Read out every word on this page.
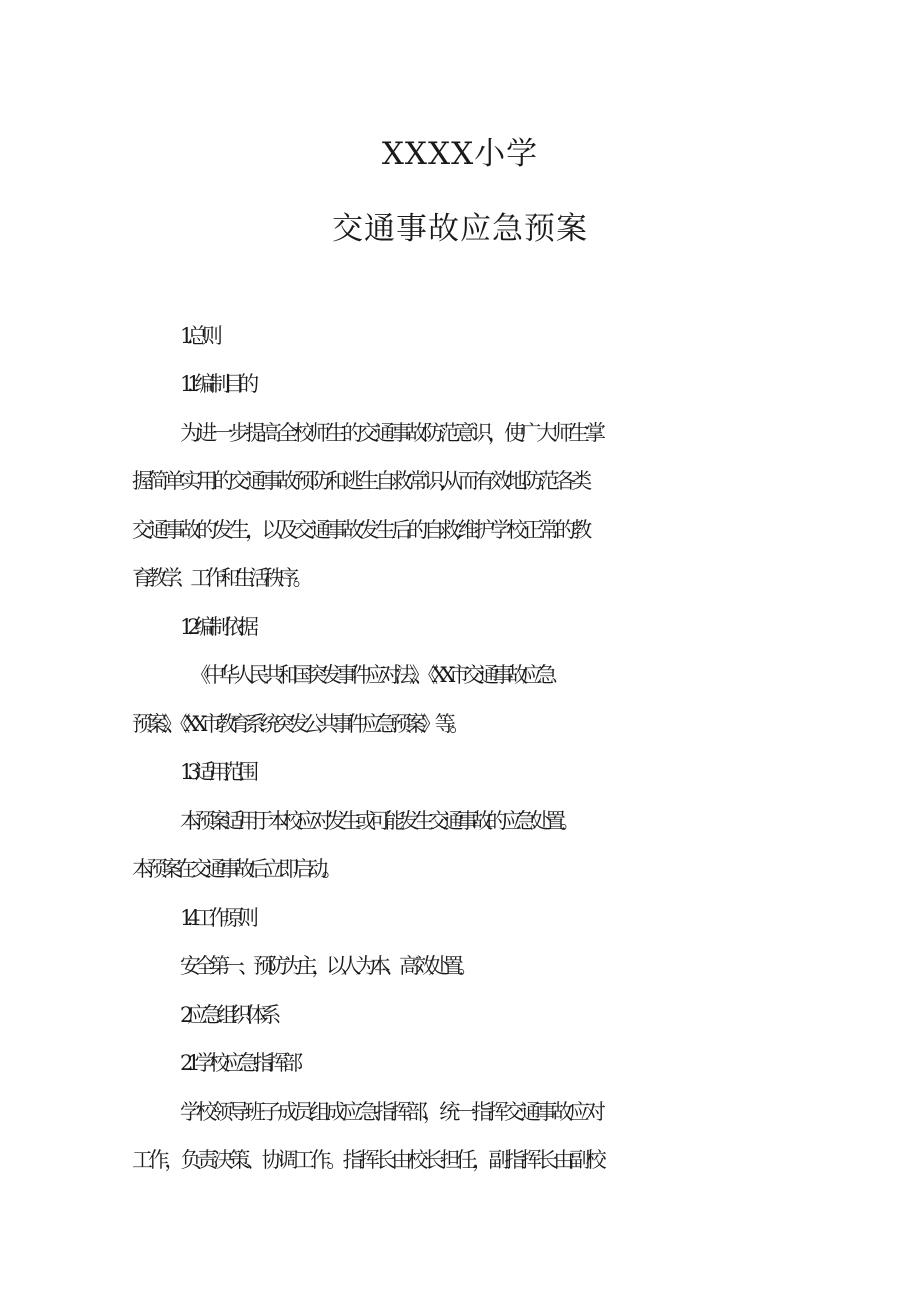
XXXX小学
交通事故应急预案
1.总则
1.1 编制目的
为进一步提高全校师生的交通事故防范意识，使广大师生掌
握简单实用的交通事故预防和逃生自救常识,从而有效地防范各类
交通事故的发生，以及交通事故发生后的自救,维护学校正常的教
育教学、工作和生活秩序。
1.2编制依据
《中华人民共和国突发事件应对法》、《XX市交通事故应急
预案》、《XX市教育系统突发公共事件应急预案》等。
1. 3适用范围
本预案适用于本校应对发生或可能发生交通事故的应急处置。
本预案在交通事故后立即启动。
1.4工作原则
安全第一、预防为主，以人为本、高效处置。
2.应急组织体系
2.1 学校应急指挥部
学校领导班子成员组成应急指挥部，统一指挥交通事故应对
工作，负责决策、协调工作。指挥长由校长担任，副指挥长由副校
